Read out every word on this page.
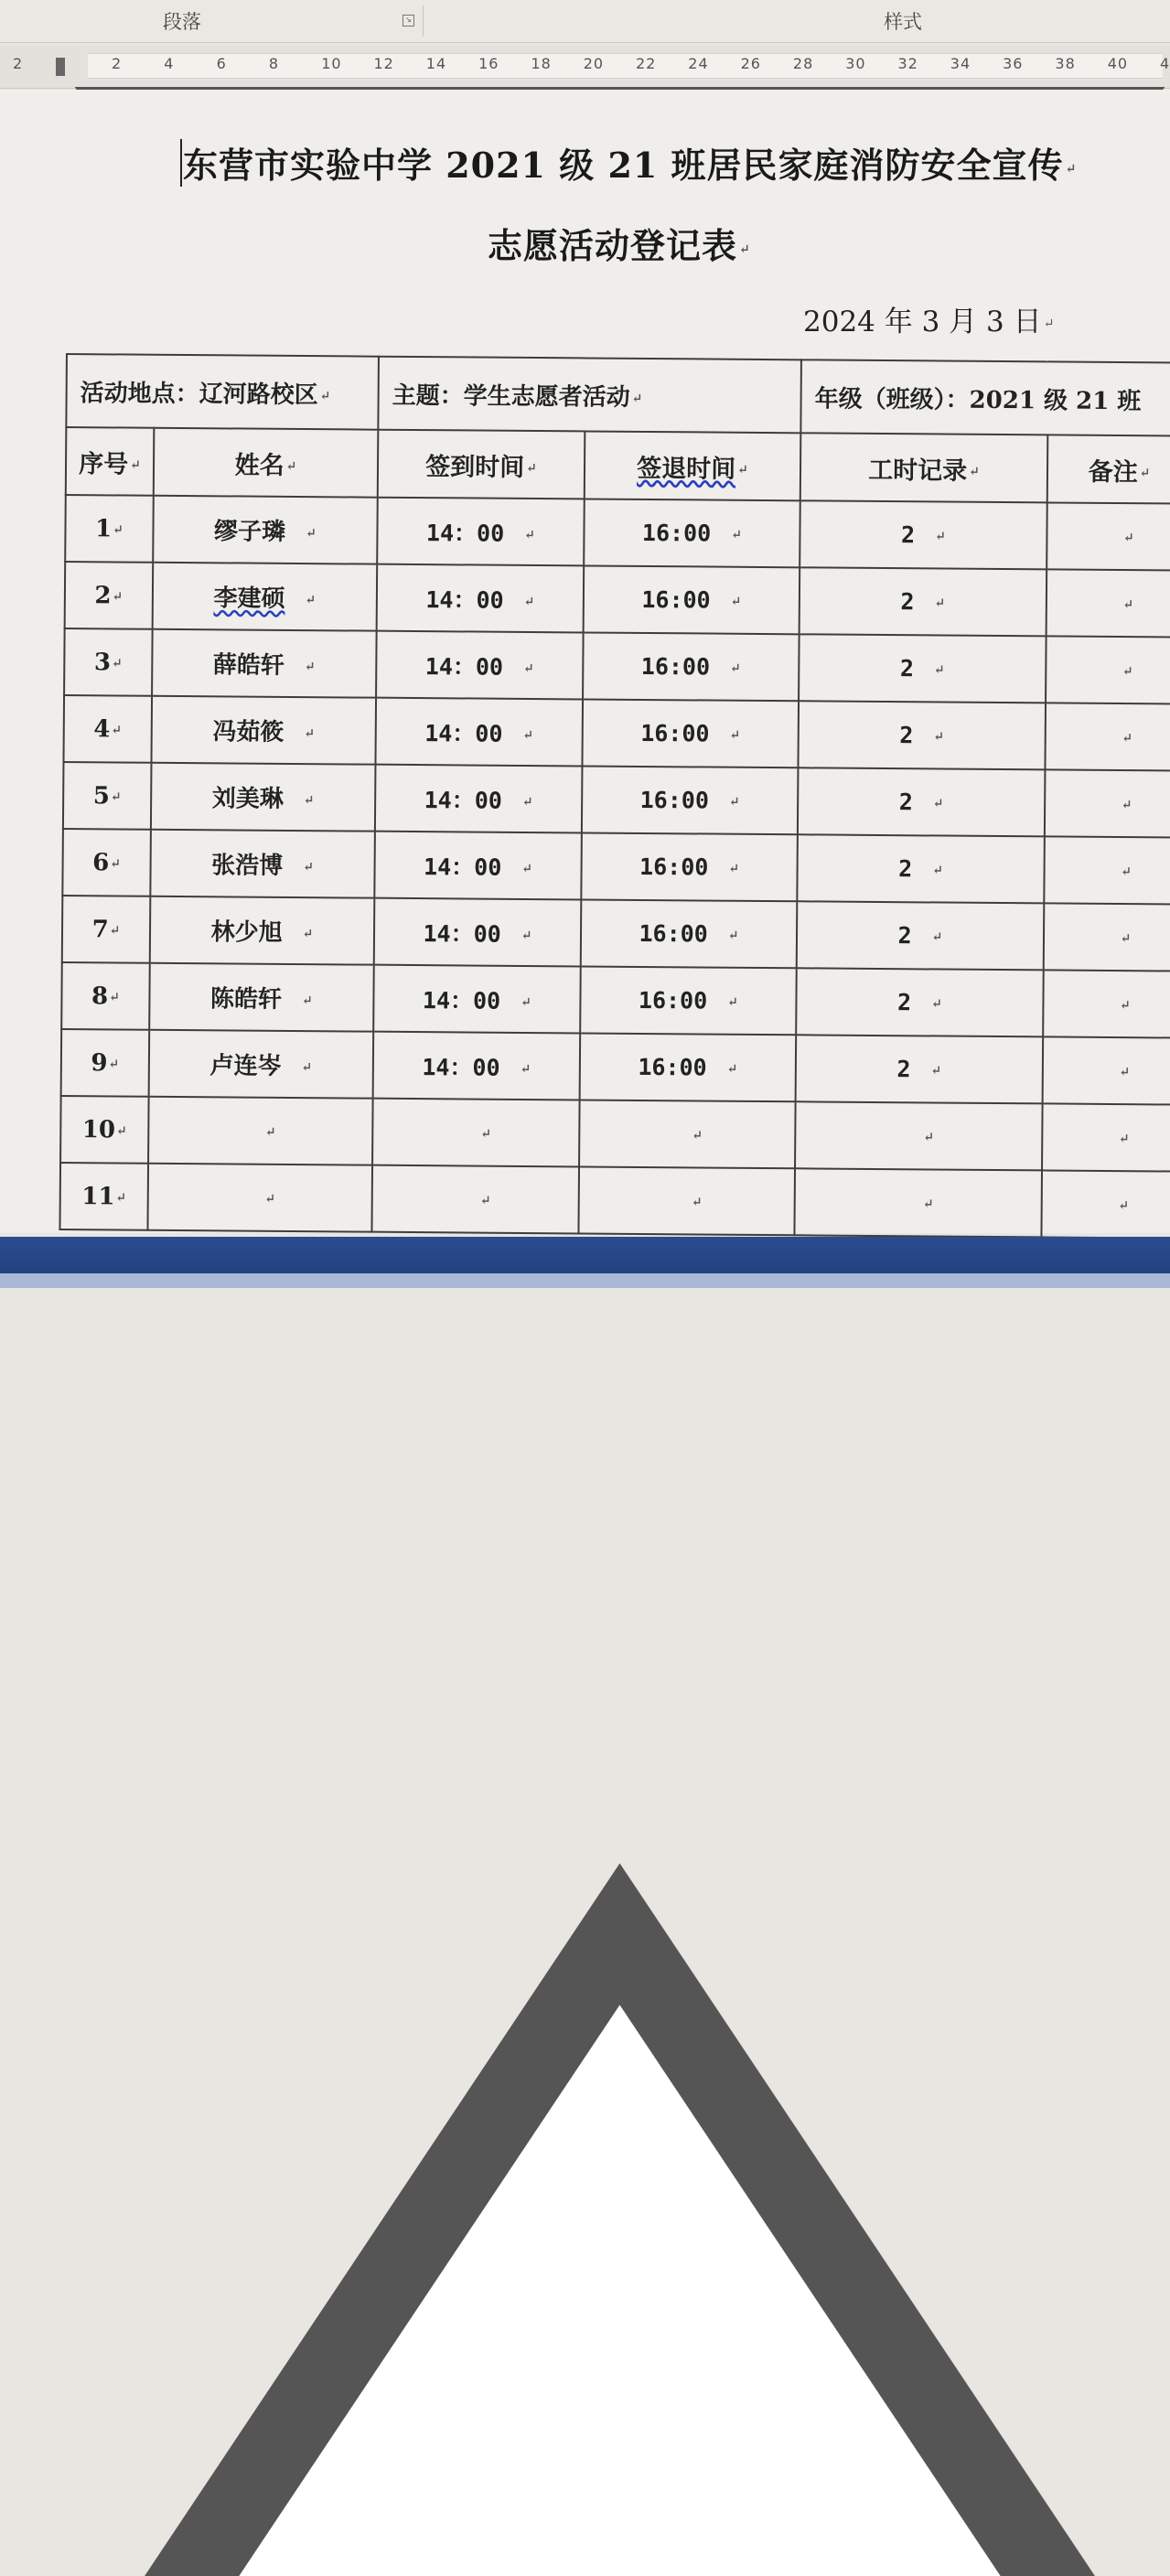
段落	↘	样式
2	2	4	6	8	10 12 14 16 18 20 22 24 26 28 30 32 34 36 38 40 4
东营市实验中学 2021 级 21 班居民家庭消防安全宣传 ↵
志愿活动登记表 ↵
2024 年 3 月 3 日 ↵
活动地点：辽河路校区 ↵		主题：学生志愿者活动 ↵		年级（班级）：2021 级 21 班	
序号 ↵	姓名 ↵	签到时间 ↵	签退时间 ↵	工时记录 ↵	备注 ↵
1↵	缪子璘 ↵	14：00 ↵	16:00 ↵	2 ↵	↵
2↵	李建硕 ↵	14：00 ↵	16:00 ↵	2 ↵	↵
3↵	薛皓轩 ↵	14：00 ↵	16:00 ↵	2 ↵	↵
4↵	冯茹筱 ↵	14：00 ↵	16:00 ↵	2 ↵	↵
5↵	刘美琳 ↵	14：00 ↵	16:00 ↵	2 ↵	↵
6↵	张浩博 ↵	14：00 ↵	16:00 ↵	2 ↵	↵
7↵	林少旭 ↵	14：00 ↵	16:00 ↵	2 ↵	↵
8↵	陈皓轩 ↵	14：00 ↵	16:00 ↵	2 ↵	↵
9↵	卢连岑 ↵	14：00 ↵	16:00 ↵	2 ↵	↵
10↵	↵	↵	↵	↵	↵
11↵	↵	↵	↵	↵	↵
